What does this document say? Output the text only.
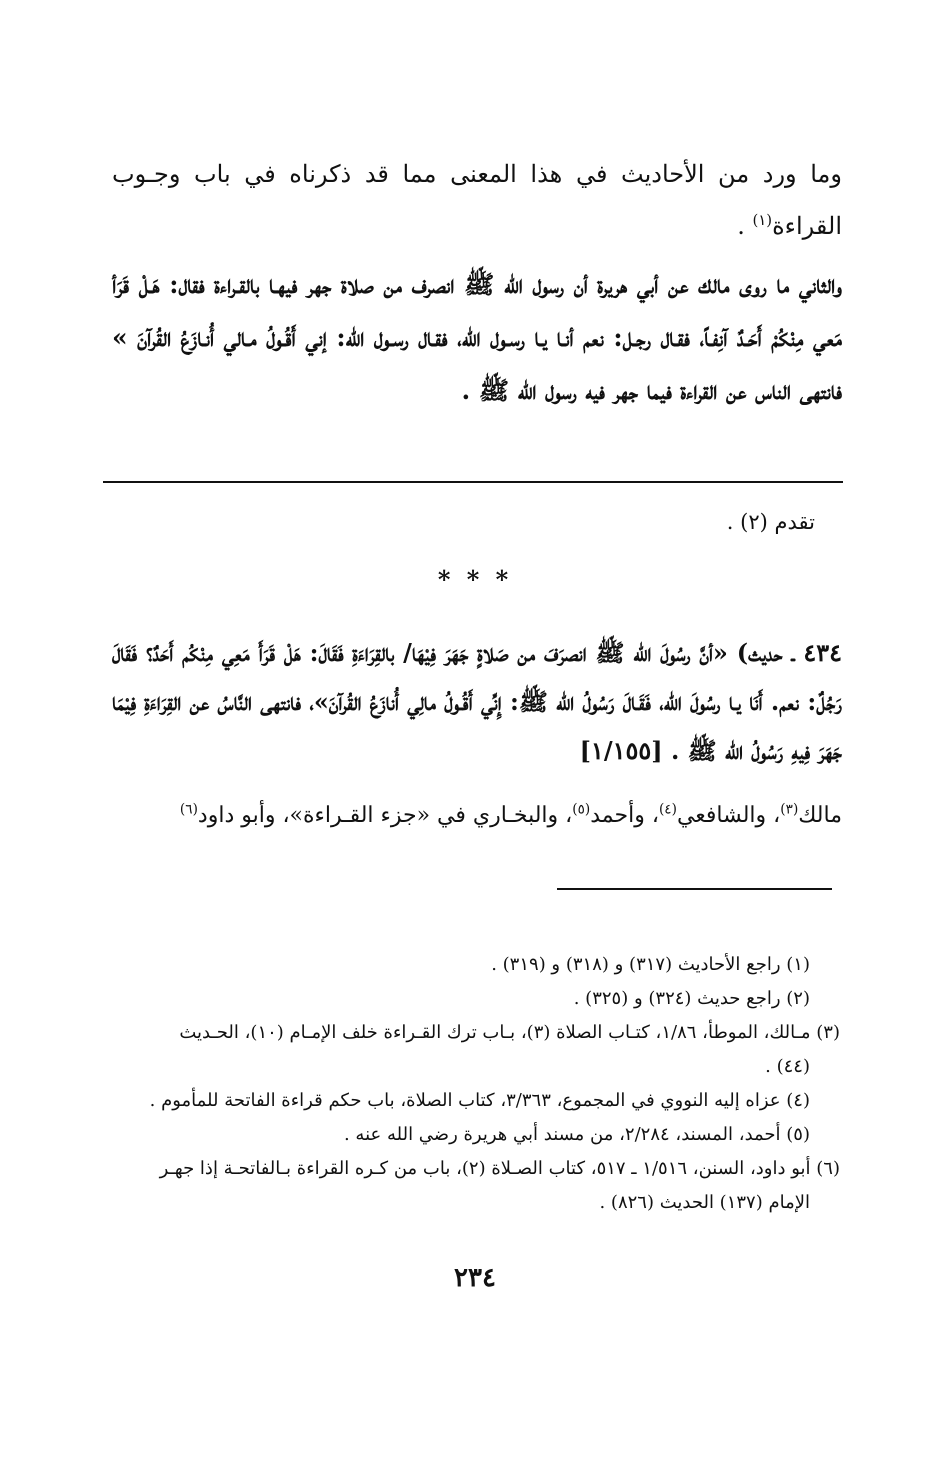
وما ورد من الأحاديث في هذا المعنى مما قد ذكرناه في باب وجـوب القراءة$^{(١)}$ .

والثاني ما روى مالك عن أبي هريرة أن رسول الله ﷺ انصرف من صلاة جهر فيهـا بالقـراءة فقال: هَـلْ قَرَأ مَعي مِنْكُمْ أَحَـدٌ آنِفـاً، فقـال رجـل: نعم أنـا يـا رسـول الله، فقـال رسـول الله: إني أَقُـولُ مـالي أُنـازَعُ القُرآنَ » فانتهى الناس عن القراءة فيما جهر فيه رسول الله ﷺ .

تقدم (٢) .
* * *

٤٣٤ ـ حديث) «أنَّ رسُولَ الله ﷺ انصرَفَ من صَلاةٍ جَهَرَ فِيْهَا/ بالقِرَاءَةِ فَقَالَ: هَلْ قَرَأَ مَعِي مِنْكُم أَحَدٌ؟ فَقَالَ رَجُلٌ: نعم. أَنَا يـا رسُولَ الله، فَقَـالَ رَسُولُ الله ﷺ: إِنِّي أَقُـولُ مالِي أُنازَعُ القُرآنَ»، فانتهى النَّاسُ عن القِرَاءَةِ فِيْمَا جَهَرَ فِيهِ رَسُولُ الله ﷺ . [١/١٥٥]

مالك$^{(٣)}$، والشافعي$^{(٤)}$، وأحمد$^{(٥)}$، والبخـاري في «جزء القـراءة»، وأبو داود$^{(٦)}$

(١) راجع الأحاديث (٣١٧) و (٣١٨) و (٣١٩) .
(٢) راجع حديث (٣٢٤) و (٣٢٥) .
(٣) مـالك، الموطأ، ١/٨٦، كتـاب الصلاة (٣)، بـاب ترك القـراءة خلف الإمـام (١٠)، الحـديث
(٤٤) .
(٤) عزاه إليه النووي في المجموع، ٣/٣٦٣، كتاب الصلاة، باب حكم قراءة الفاتحة للمأموم .
(٥) أحمد، المسند، ٢/٢٨٤، من مسند أبي هريرة رضي الله عنه .
(٦) أبو داود، السنن، ١/٥١٦ ـ ٥١٧، كتاب الصـلاة (٢)، باب من كـره القراءة بـالفاتحـة إذا جهـر
الإمام (١٣٧) الحديث (٨٢٦) .
٢٣٤
